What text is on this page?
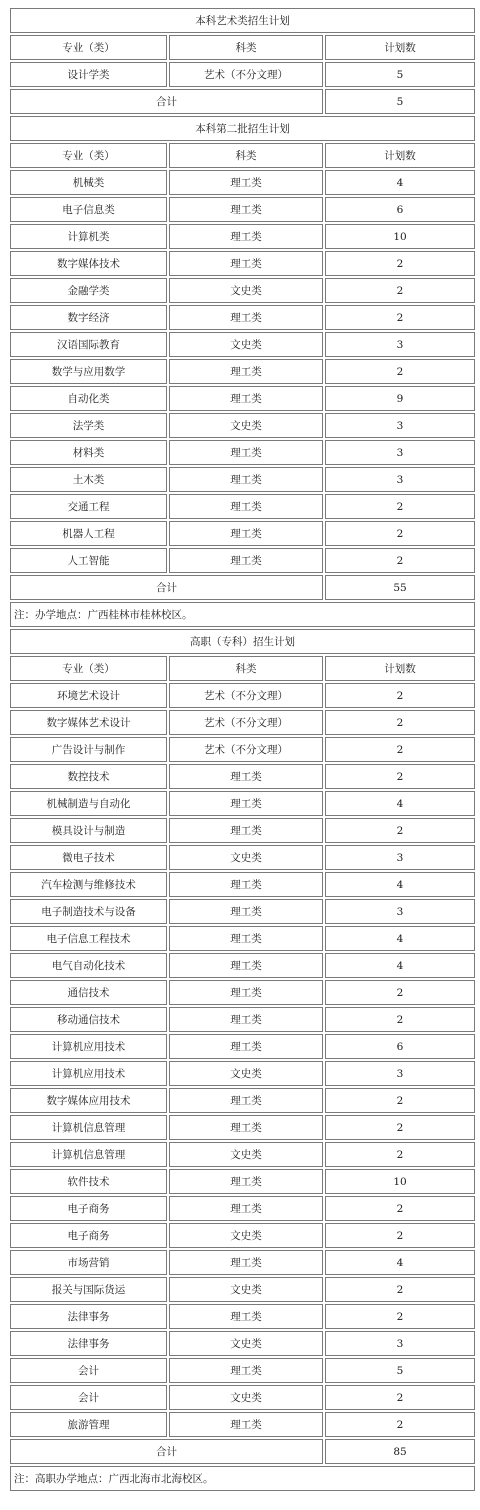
本科艺术类招生计划		
专业（类）	科类	计划数
设计学类	艺术（不分文理）	5
合计		5
本科第二批招生计划		
专业（类）	科类	计划数
机械类	理工类	4
电子信息类	理工类	6
计算机类	理工类	10
数字媒体技术	理工类	2
金融学类	文史类	2
数字经济	理工类	2
汉语国际教育	文史类	3
数学与应用数学	理工类	2
自动化类	理工类	9
法学类	文史类	3
材料类	理工类	3
土木类	理工类	3
交通工程	理工类	2
机器人工程	理工类	2
人工智能	理工类	2
合计		55
注：办学地点：广西桂林市桂林校区。		
高职（专科）招生计划		
专业（类）	科类	计划数
环境艺术设计	艺术（不分文理）	2
数字媒体艺术设计	艺术（不分文理）	2
广告设计与制作	艺术（不分文理）	2
数控技术	理工类	2
机械制造与自动化	理工类	4
模具设计与制造	理工类	2
微电子技术	文史类	3
汽车检测与维修技术	理工类	4
电子制造技术与设备	理工类	3
电子信息工程技术	理工类	4
电气自动化技术	理工类	4
通信技术	理工类	2
移动通信技术	理工类	2
计算机应用技术	理工类	6
计算机应用技术	文史类	3
数字媒体应用技术	理工类	2
计算机信息管理	理工类	2
计算机信息管理	文史类	2
软件技术	理工类	10
电子商务	理工类	2
电子商务	文史类	2
市场营销	理工类	4
报关与国际货运	文史类	2
法律事务	理工类	2
法律事务	文史类	3
会计	理工类	5
会计	文史类	2
旅游管理	理工类	2
合计		85
注：高职办学地点：广西北海市北海校区。		
